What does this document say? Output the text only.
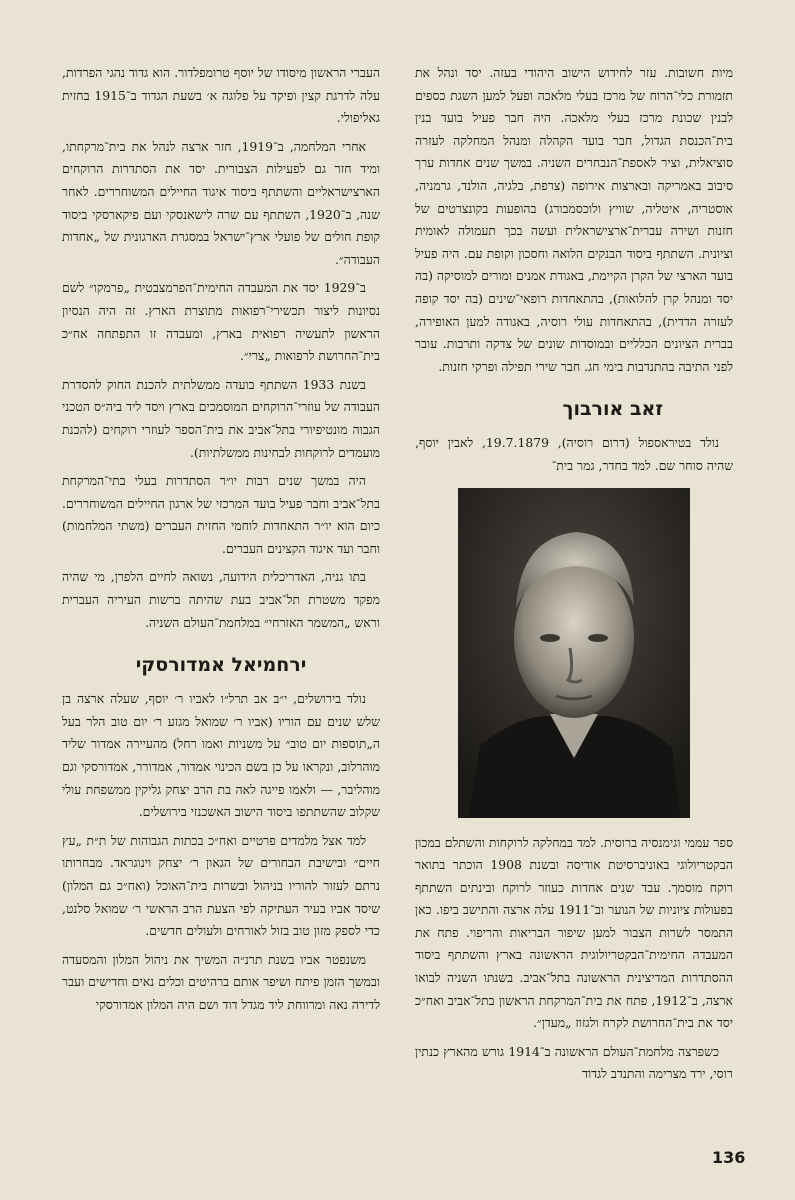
מיות חשובות. עזר לחידוש הישוב היהודי בעזה. יסד ונהל את תזמורת כלי־הרוח של מרכז בעלי מלאכה ופעל למען השגת כספים לבנין שכונת מרכז בעלי מלאכה. היה חבר פעיל בועד בנין בית־הכנסת הגדול, חבר בועד הקהלה ומנהל המחלקה לעזרה סוציאלית, וציר לאספת־הנבחרים השניה. במשך שנים אחדות ערך סיבוב באמריקה ובארצות אירופה (צרפת, בלגיה, הולנד, גרמניה, אוסטריה, איטליה, שוויץ ולוכסמבורג) בהופעות בקונצרטים של חזנות ושירה עברית־ארצישראלית ועשה בכך תעמולה לאומית וציונית. השתתף ביסוד הבנקים הלואה וחסכון וקופת עם. היה פעיל בועד הארצי של הקרן הקיימת, באגודת אמנים ומורים למוסיקה (בה יסד ומנהל קרן להלואות), בהתאחדות רופאי־שינים (בה יסד קופה לעזרה הדדית), בהתאחדות עולי רוסיה, באגודה למען האופירה, בברית הציונים הכלליים ובמוסדות שונים של צדקה ותרבות. עובר לפני התיבה בהתנדבות בימי חג. חבר שירי תפילה ופרקי חזנות.

זאב אורבוך

נולד בטיראספול (דרום רוסיה), 19.7.1879, לאבין יוסף, שהיה סוחר שם. למד בחדר, גמר בית־

ספר עממי וגימנסיה ברוסית. למד במחלקה לרוקחות והשתלם במכון הבקטריולוגי באוניברסיטת אודיסה ובשנת 1908 הוכתר בתואר רוקח מוסמך. עבד שנים אחדות כעוזר לרוקח ובינתים השתתף בפעולות ציוניות של הנוער וב־1911 עלה ארצה והתישב ביפו. כאן התמסר לשרות הצבור למען שיפור הבריאות והריפוי. פתח את המעבדה החימית־הבקטריולוגית הראשונה בארץ והשתתף ביסוד ההסתדרות המדיצינית הראשונה בתל־אביב. בשנתו השניה לבואו ארצה, ב־1912, פתח את בית־המרקחת הראשון בתל־אביב ואח״כ יסד את בית־החרושת לקרח ולגזוז „מעדן״.

כשפרצה מלחמת־העולם הראשונה ב־1914 גורש מהארץ כנתין רוסי, ירד מצרימה והתנדב לגדוד

העברי הראשון מיסודו של יוסף טרומפלדור. הוא גדוד נהגי הפרדות, עלה לדרגת קצין ופיקד על פלוגה א׳ בשעת הגדוד ב־1915 בחזית גאליפולי.

אחרי המלחמה, ב־1919, חזר ארצה לנהל את בית־מרקחתו, ומיד חזר גם לפעילות הצבורית. יסד את הסתדרות הרוקחים הארצישראליים והשתתף ביסוד איגוד החיילים המשוחררים. לאחר שנה, ב־1920, השתתף עם שרה לישאנסקי ועם פיקארסקי ביסוד קופת חולים של פועלי ארץ־ישראל במסגרת הארגונית של „אחדות העבודה״.

ב־1929 יסד את המעבדה החימית־הפרמצבטית „פרמקו״ לשם נסיונות ליצור תכשירי־רפואות מתוצרת הארץ. זה היה הנסיון הראשון לתעשיה רפואית בארץ, ומעבדה זו התפתחה אח״כ בית־החרושת לרפואות „צרי״.

בשנת 1933 השתתף בועדה ממשלתית להכנת החוק להסדרת העבודה של עוזרי־הרוקחים המוסמכים בארץ ויסד ליד ביה״ס הטכני הגבוה מונטיפיורי בתל־אביב את בית־הספר לעוזרי רוקחים (להכנת מועמדים לרוקחות לבחינות ממשלתיות).

היה במשך שנים רבות יו״ר הסתדרות בעלי בתי־המרקחת בתל־אביב וחבר פעיל בועד המרכזי של ארגון החיילים המשוחררים. כיום הוא יו״ר התאחדות לוחמי החזית העברים (משתי המלחמות) וחבר ועד איגוד הקצינים העברים.

בתו גניה, האדריכלית הידועה, נשואה לחיים הלפרן, מי שהיה מפקד משטרת תל־אביב בעת שהיתה ברשות העיריה העברית וראש „המשמר האזרחי״ במלחמת־העולם השניה.

ירחמיאל אמדורסקי

נולד בירושלים, י״ב אב תרל״ו לאביו ר׳ יוסף, שעלה ארצה בן שלש שנים עם הוריו (אביו ר׳ שמואל מגזע ר׳ יום טוב הלר בעל ה„תוספות יום טוב״ על משניות ואמו רחל) מהעיירה אמדור שליד מוהרלוב, ונקראו על כן בשם הכינוי אמדור, אמדורר, אמדורסקי וגם מוהליבר, — ולאמו פייגה לאה בת הרב יצחק גליקין ממשפחת עולי שקלוב שהשתתפו ביסוד הישוב האשכנזי בירושלים.

למד אצל מלמדים פרטיים ואח״כ בכתות הגבוהות של ת״ת „עץ חיים״ ובישיבת הבחורים של הגאון ר׳ יצחק וינוגראד. מבחרותו נרתם לעזור להוריו בניהול ובשרות בית־האוכל (ואח״כ גם המלון) שיסד אביו בעיר העתיקה לפי הצעת הרב הראשי ר׳ שמואל סלנט, כדי לספק מזון טוב בזול לאורחים ולעולים חדשים.

משנפטר אביו בשנת תרנ״ה המשיך את ניהול המלון והמסעדה ובמשך הזמן פיתח ושיפר אותם ברהיטים וכלים נאים וחדישים ועבר לדירה נאה ומרווחת ליד מגדל דוד ושם היה המלון אמדורסקי

136
